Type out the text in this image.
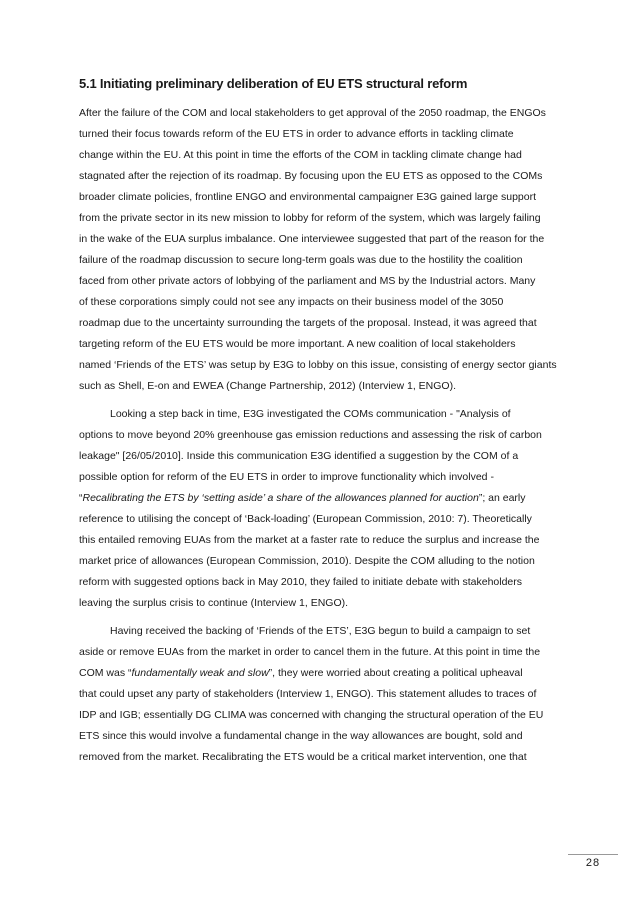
5.1 Initiating preliminary deliberation of EU ETS structural reform
After the failure of the COM and local stakeholders to get approval of the 2050 roadmap, the ENGOs
turned their focus towards reform of the EU ETS in order to advance efforts in tackling climate
change within the EU. At this point in time the efforts of the COM in tackling climate change had
stagnated after the rejection of its roadmap. By focusing upon the EU ETS as opposed to the COMs
broader climate policies, frontline ENGO and environmental campaigner E3G gained large support
from the private sector in its new mission to lobby for reform of the system, which was largely failing
in the wake of the EUA surplus imbalance. One interviewee suggested that part of the reason for the
failure of the roadmap discussion to secure long-term goals was due to the hostility the coalition
faced from other private actors of lobbying of the parliament and MS by the Industrial actors. Many
of these corporations simply could not see any impacts on their business model of the 3050
roadmap due to the uncertainty surrounding the targets of the proposal. Instead, it was agreed that
targeting reform of the EU ETS would be more important. A new coalition of local stakeholders
named ‘Friends of the ETS’ was setup by E3G to lobby on this issue, consisting of energy sector giants
such as Shell, E-on and EWEA (Change Partnership, 2012) (Interview 1, ENGO).
Looking a step back in time, E3G investigated the COMs communication - "Analysis of
options to move beyond 20% greenhouse gas emission reductions and assessing the risk of carbon
leakage" [26/05/2010]. Inside this communication E3G identified a suggestion by the COM of a
possible option for reform of the EU ETS in order to improve functionality which involved -
“Recalibrating the ETS by ‘setting aside’ a share of the allowances planned for auction”; an early
reference to utilising the concept of ‘Back-loading’ (European Commission, 2010: 7). Theoretically
this entailed removing EUAs from the market at a faster rate to reduce the surplus and increase the
market price of allowances (European Commission, 2010). Despite the COM alluding to the notion
reform with suggested options back in May 2010, they failed to initiate debate with stakeholders
leaving the surplus crisis to continue (Interview 1, ENGO).
Having received the backing of ‘Friends of the ETS’, E3G begun to build a campaign to set
aside or remove EUAs from the market in order to cancel them in the future. At this point in time the
COM was “fundamentally weak and slow”, they were worried about creating a political upheaval
that could upset any party of stakeholders (Interview 1, ENGO). This statement alludes to traces of
IDP and IGB; essentially DG CLIMA was concerned with changing the structural operation of the EU
ETS since this would involve a fundamental change in the way allowances are bought, sold and
removed from the market. Recalibrating the ETS would be a critical market intervention, one that
28
